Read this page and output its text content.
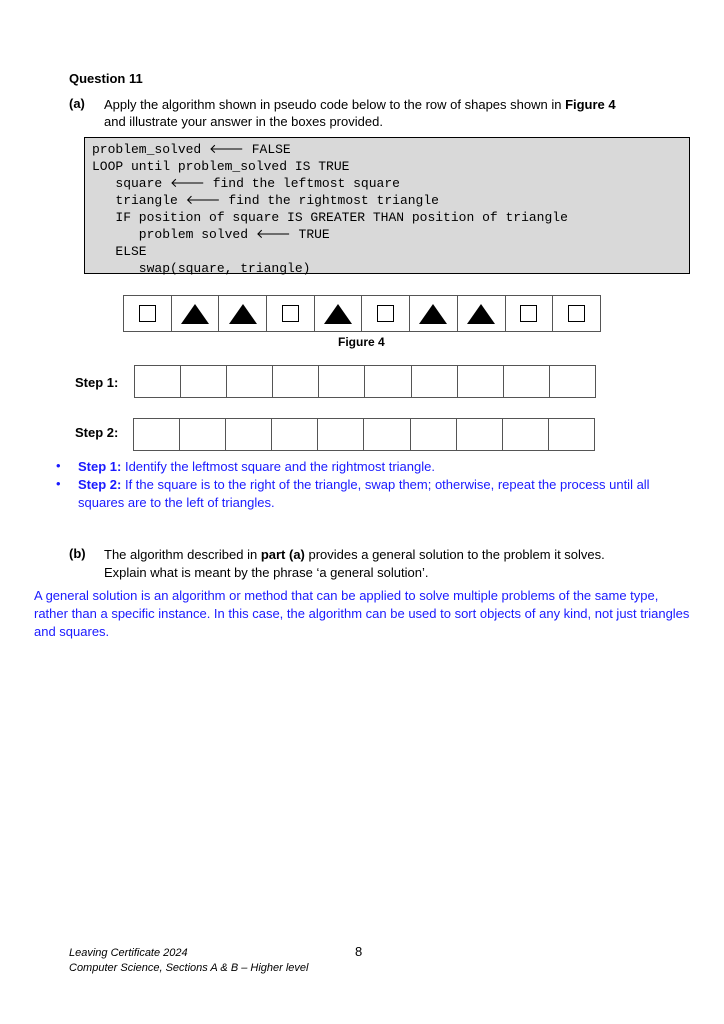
Question 11
(a) Apply the algorithm shown in pseudo code below to the row of shapes shown in Figure 4
and illustrate your answer in the boxes provided.
problem_solved 🡐 FALSE
LOOP until problem_solved IS TRUE
square 🡐 find the leftmost square
triangle 🡐 find the rightmost triangle
IF position of square IS GREATER THAN position of triangle
problem solved 🡐 TRUE
ELSE
swap(square, triangle)
Figure 4
Step 1:
Step 2:
• Step 1: Identify the leftmost square and the rightmost triangle.
• Step 2: If the square is to the right of the triangle, swap them; otherwise, repeat the process until all squares are to the left of triangles.
(b) The algorithm described in part (a) provides a general solution to the problem it solves.
Explain what is meant by the phrase ‘a general solution’.
A general solution is an algorithm or method that can be applied to solve multiple problems of the same type, rather than a specific instance. In this case, the algorithm can be used to sort objects of any kind, not just triangles and squares.
Leaving Certificate 2024
Computer Science, Sections A & B – Higher level
8
